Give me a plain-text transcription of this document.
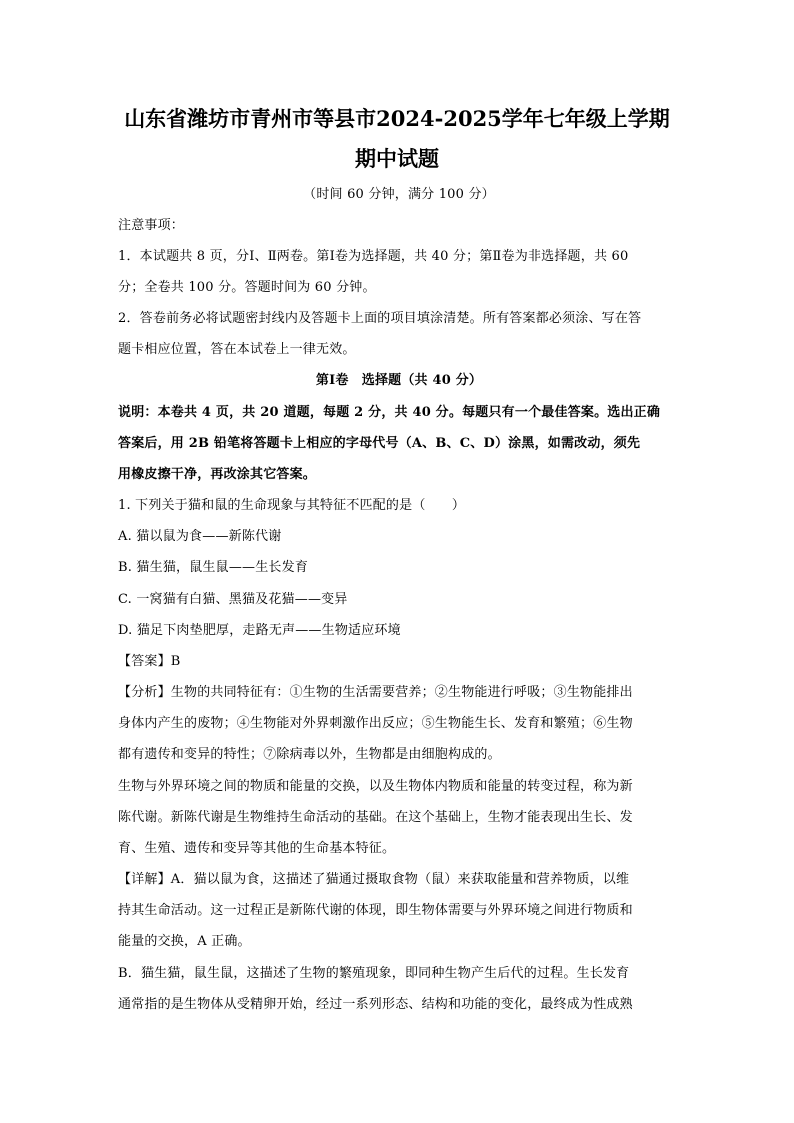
山东省潍坊市青州市等县市2024-2025学年七年级上学期
期中试题
（时间 60 分钟，满分 100 分）
注意事项：
1．本试题共 8 页，分Ⅰ、Ⅱ两卷。第Ⅰ卷为选择题，共 40 分；第Ⅱ卷为非选择题，共 60
分；全卷共 100 分。答题时间为 60 分钟。
2．答卷前务必将试题密封线内及答题卡上面的项目填涂清楚。所有答案都必须涂、写在答
题卡相应位置，答在本试卷上一律无效。
第Ⅰ卷　选择题（共 40 分）
说明：本卷共 4 页，共 20 道题，每题 2 分，共 40 分。每题只有一个最佳答案。选出正确
答案后，用 2B 铅笔将答题卡上相应的字母代号（A、B、C、D）涂黑，如需改动，须先
用橡皮擦干净，再改涂其它答案。
1. 下列关于猫和鼠的生命现象与其特征不匹配的是（　　）
A. 猫以鼠为食——新陈代谢
B. 猫生猫，鼠生鼠——生长发育
C. 一窝猫有白猫、黑猫及花猫——变异
D. 猫足下肉垫肥厚，走路无声——生物适应环境
【答案】B
【分析】生物的共同特征有：①生物的生活需要营养；②生物能进行呼吸；③生物能排出
身体内产生的废物；④生物能对外界刺激作出反应；⑤生物能生长、发育和繁殖；⑥生物
都有遗传和变异的特性；⑦除病毒以外，生物都是由细胞构成的。
生物与外界环境之间的物质和能量的交换，以及生物体内物质和能量的转变过程，称为新
陈代谢。新陈代谢是生物维持生命活动的基础。在这个基础上，生物才能表现出生长、发
育、生殖、遗传和变异等其他的生命基本特征。
【详解】A．猫以鼠为食，这描述了猫通过摄取食物（鼠）来获取能量和营养物质，以维
持其生命活动。这一过程正是新陈代谢的体现，即生物体需要与外界环境之间进行物质和
能量的交换，A 正确。
B．猫生猫，鼠生鼠，这描述了生物的繁殖现象，即同种生物产生后代的过程。生长发育
通常指的是生物体从受精卵开始，经过一系列形态、结构和功能的变化，最终成为性成熟
